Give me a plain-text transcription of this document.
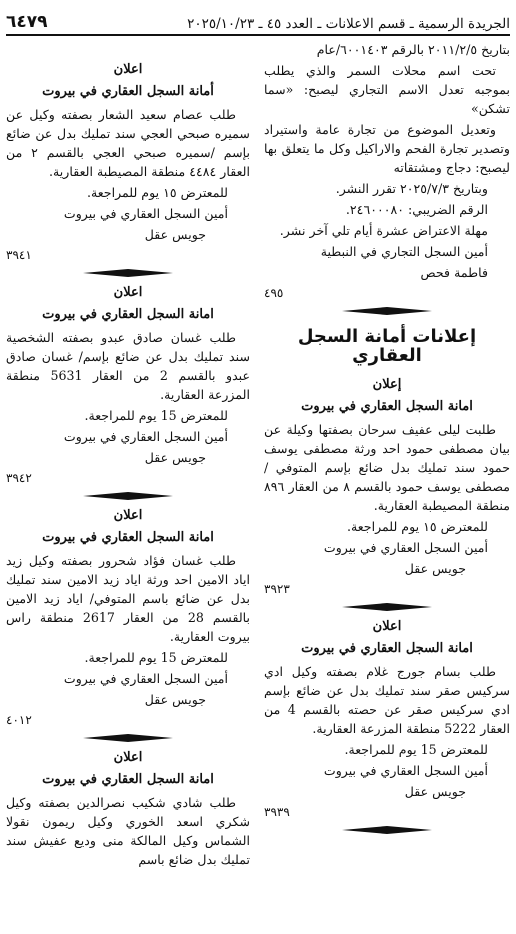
الجريدة الرسمية ـ قسم الاعلانات ـ العدد ٤٥ ـ ٢٠٢٥/١٠/٢٣
٦٤٧٩

بتاريخ ٢٠١١/٢/٥ بالرقم ٦٠٠١٤٠٣/عام

تحت اسم محلات السمر والذي يطلب بموجبه تعدل الاسم التجاري ليصبح: «سما تشكن»

وتعديل الموضوع من تجارة عامة واستيراد وتصدير تجارة الفحم والاراكيل وكل ما يتعلق بها ليصبح: دجاج ومشتقاته

وبتاريخ ٢٠٢٥/٧/٣ تقرر النشر.

الرقم الضريبي: ٢٤٦٠٠٠٨٠.

مهلة الاعتراض عشرة أيام تلي آخر نشر.

أمين السجل التجاري في النبطية

فاطمة فحص

٤٩٥

إعلانات أمانة السجل العقاري
إعلان
امانة السجل العقاري في بيروت

طلبت ليلى عفيف سرحان بصفتها وكيلة عن بيان مصطفى حمود احد ورثة مصطفى يوسف حمود سند تمليك بدل ضائع بإسم المتوفي /مصطفى يوسف حمود بالقسم ٨ من العقار ٨٩٦ منطقة المصيطبة العقارية.

للمعترض ١٥ يوم للمراجعة.

أمين السجل العقاري في بيروت

جويس عقل

٣٩٢٣

اعلان
امانة السجل العقاري في بيروت

طلب بسام جورج غلام بصفته وكيل ادي سركيس صقر سند تمليك بدل عن ضائع بإسم ادي سركيس صقر عن حصته بالقسم 4 من العقار 5222 منطقة المزرعة العقارية.

للمعترض 15 يوم للمراجعة.

أمين السجل العقاري في بيروت

جويس عقل

٣٩٣٩

اعلان
أمانة السجل العقاري في بيروت

طلب عصام سعيد الشعار بصفته وكيل عن سميره صبحي العجي سند تمليك بدل عن ضائع بإسم /سميره صبحي العجي بالقسم ٢ من العقار ٤٤٨٤ منطقة المصيطبة العقارية.

للمعترض ١٥ يوم للمراجعة.

أمين السجل العقاري في بيروت

جويس عقل

٣٩٤١

اعلان
امانة السجل العقاري في بيروت

طلب غسان صادق عبدو بصفته الشخصية سند تمليك بدل عن ضائع بإسم/ غسان صادق عبدو بالقسم 2 من العقار 5631 منطقة المزرعة العقارية.

للمعترض 15 يوم للمراجعة.

أمين السجل العقاري في بيروت

جويس عقل

٣٩٤٢

اعلان
امانة السجل العقاري في بيروت

طلب غسان فؤاد شحرور بصفته وكيل زيد اياد الامين احد ورثة اياد زيد الامين سند تمليك بدل عن ضائع باسم المتوفي/ اياد زيد الامين بالقسم 28 من العقار 2617 منطقة راس بيروت العقارية.

للمعترض 15 يوم للمراجعة.

أمين السجل العقاري في بيروت

جويس عقل

٤٠١٢

اعلان
امانة السجل العقاري في بيروت

طلب شادي شكيب نصرالدين بصفته وكيل شكري اسعد الخوري وكيل ريمون نقولا الشماس وكيل المالكة منى وديع عفيش سند تمليك بدل ضائع باسم
